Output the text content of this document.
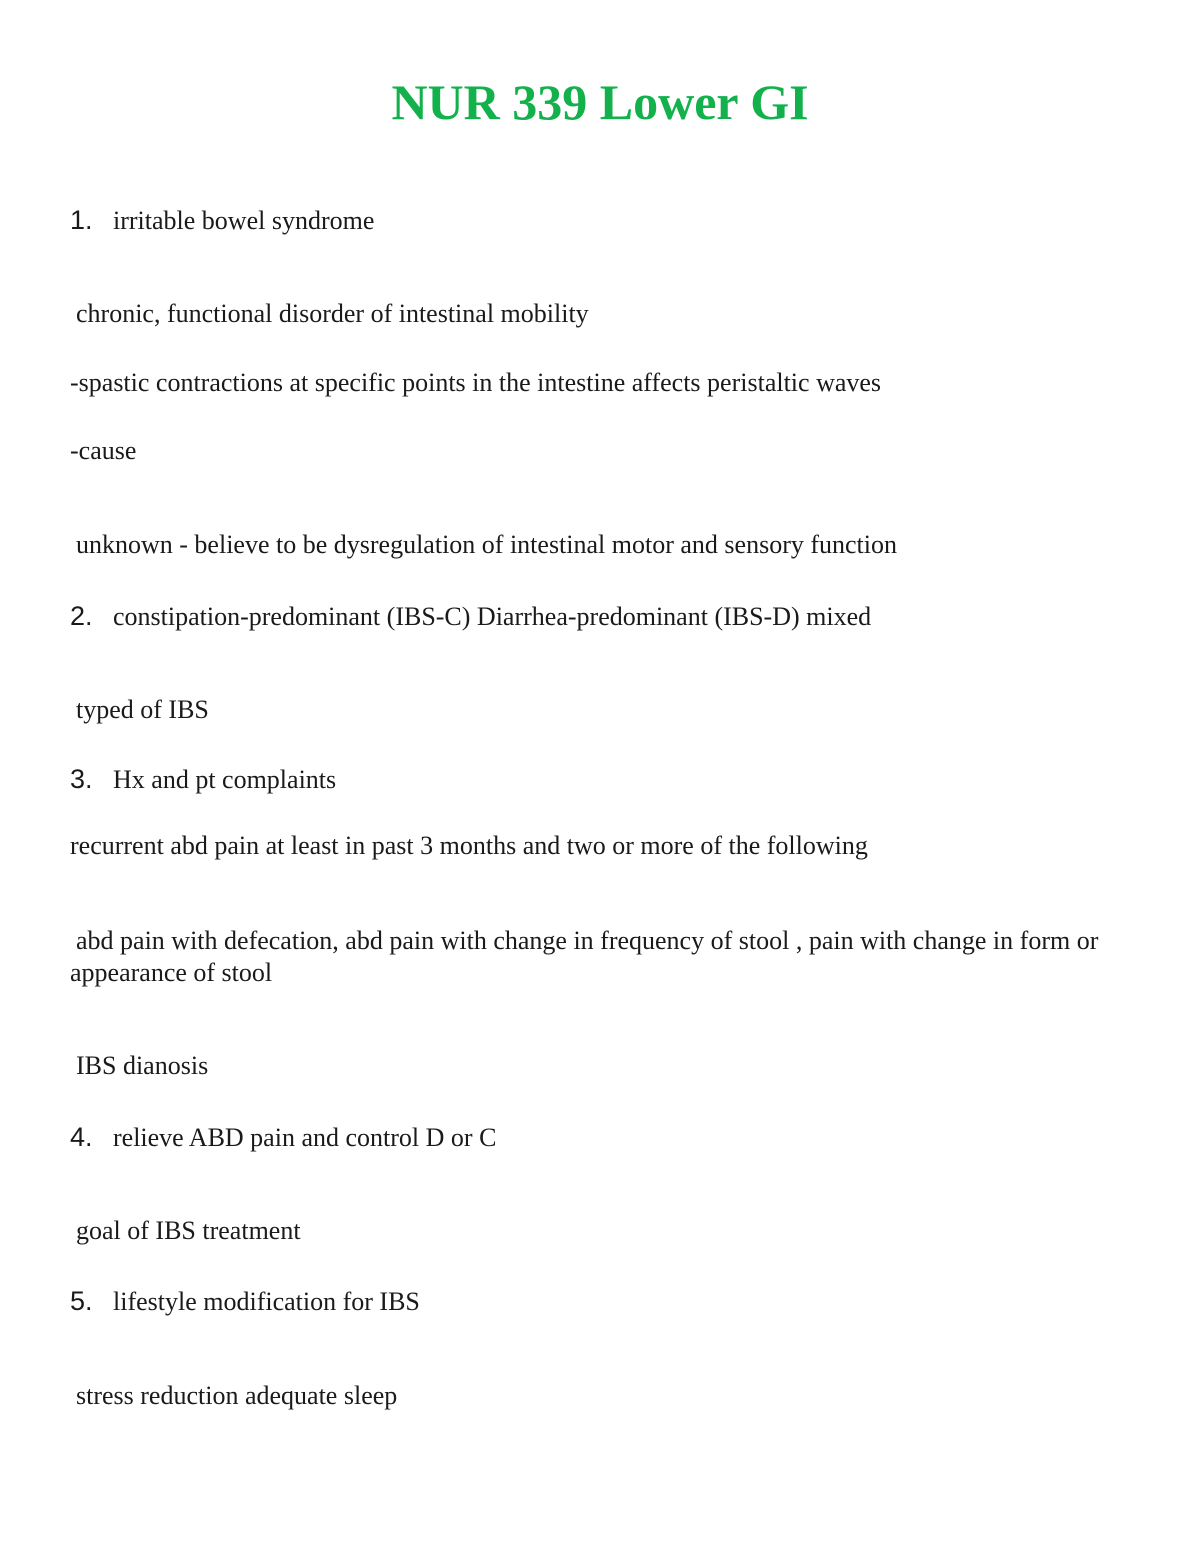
NUR 339 Lower GI

1. irritable bowel syndrome

chronic, functional disorder of intestinal mobility

-spastic contractions at specific points in the intestine affects peristaltic waves

-cause

unknown - believe to be dysregulation of intestinal motor and sensory function

2. constipation-predominant (IBS-C) Diarrhea-predominant (IBS-D) mixed

typed of IBS

3. Hx and pt complaints

recurrent abd pain at least in past 3 months and two or more of the following

abd pain with defecation, abd pain with change in frequency of stool , pain with change in form or appearance of stool

IBS dianosis

4. relieve ABD pain and control D or C

goal of IBS treatment

5. lifestyle modification for IBS

stress reduction adequate sleep
